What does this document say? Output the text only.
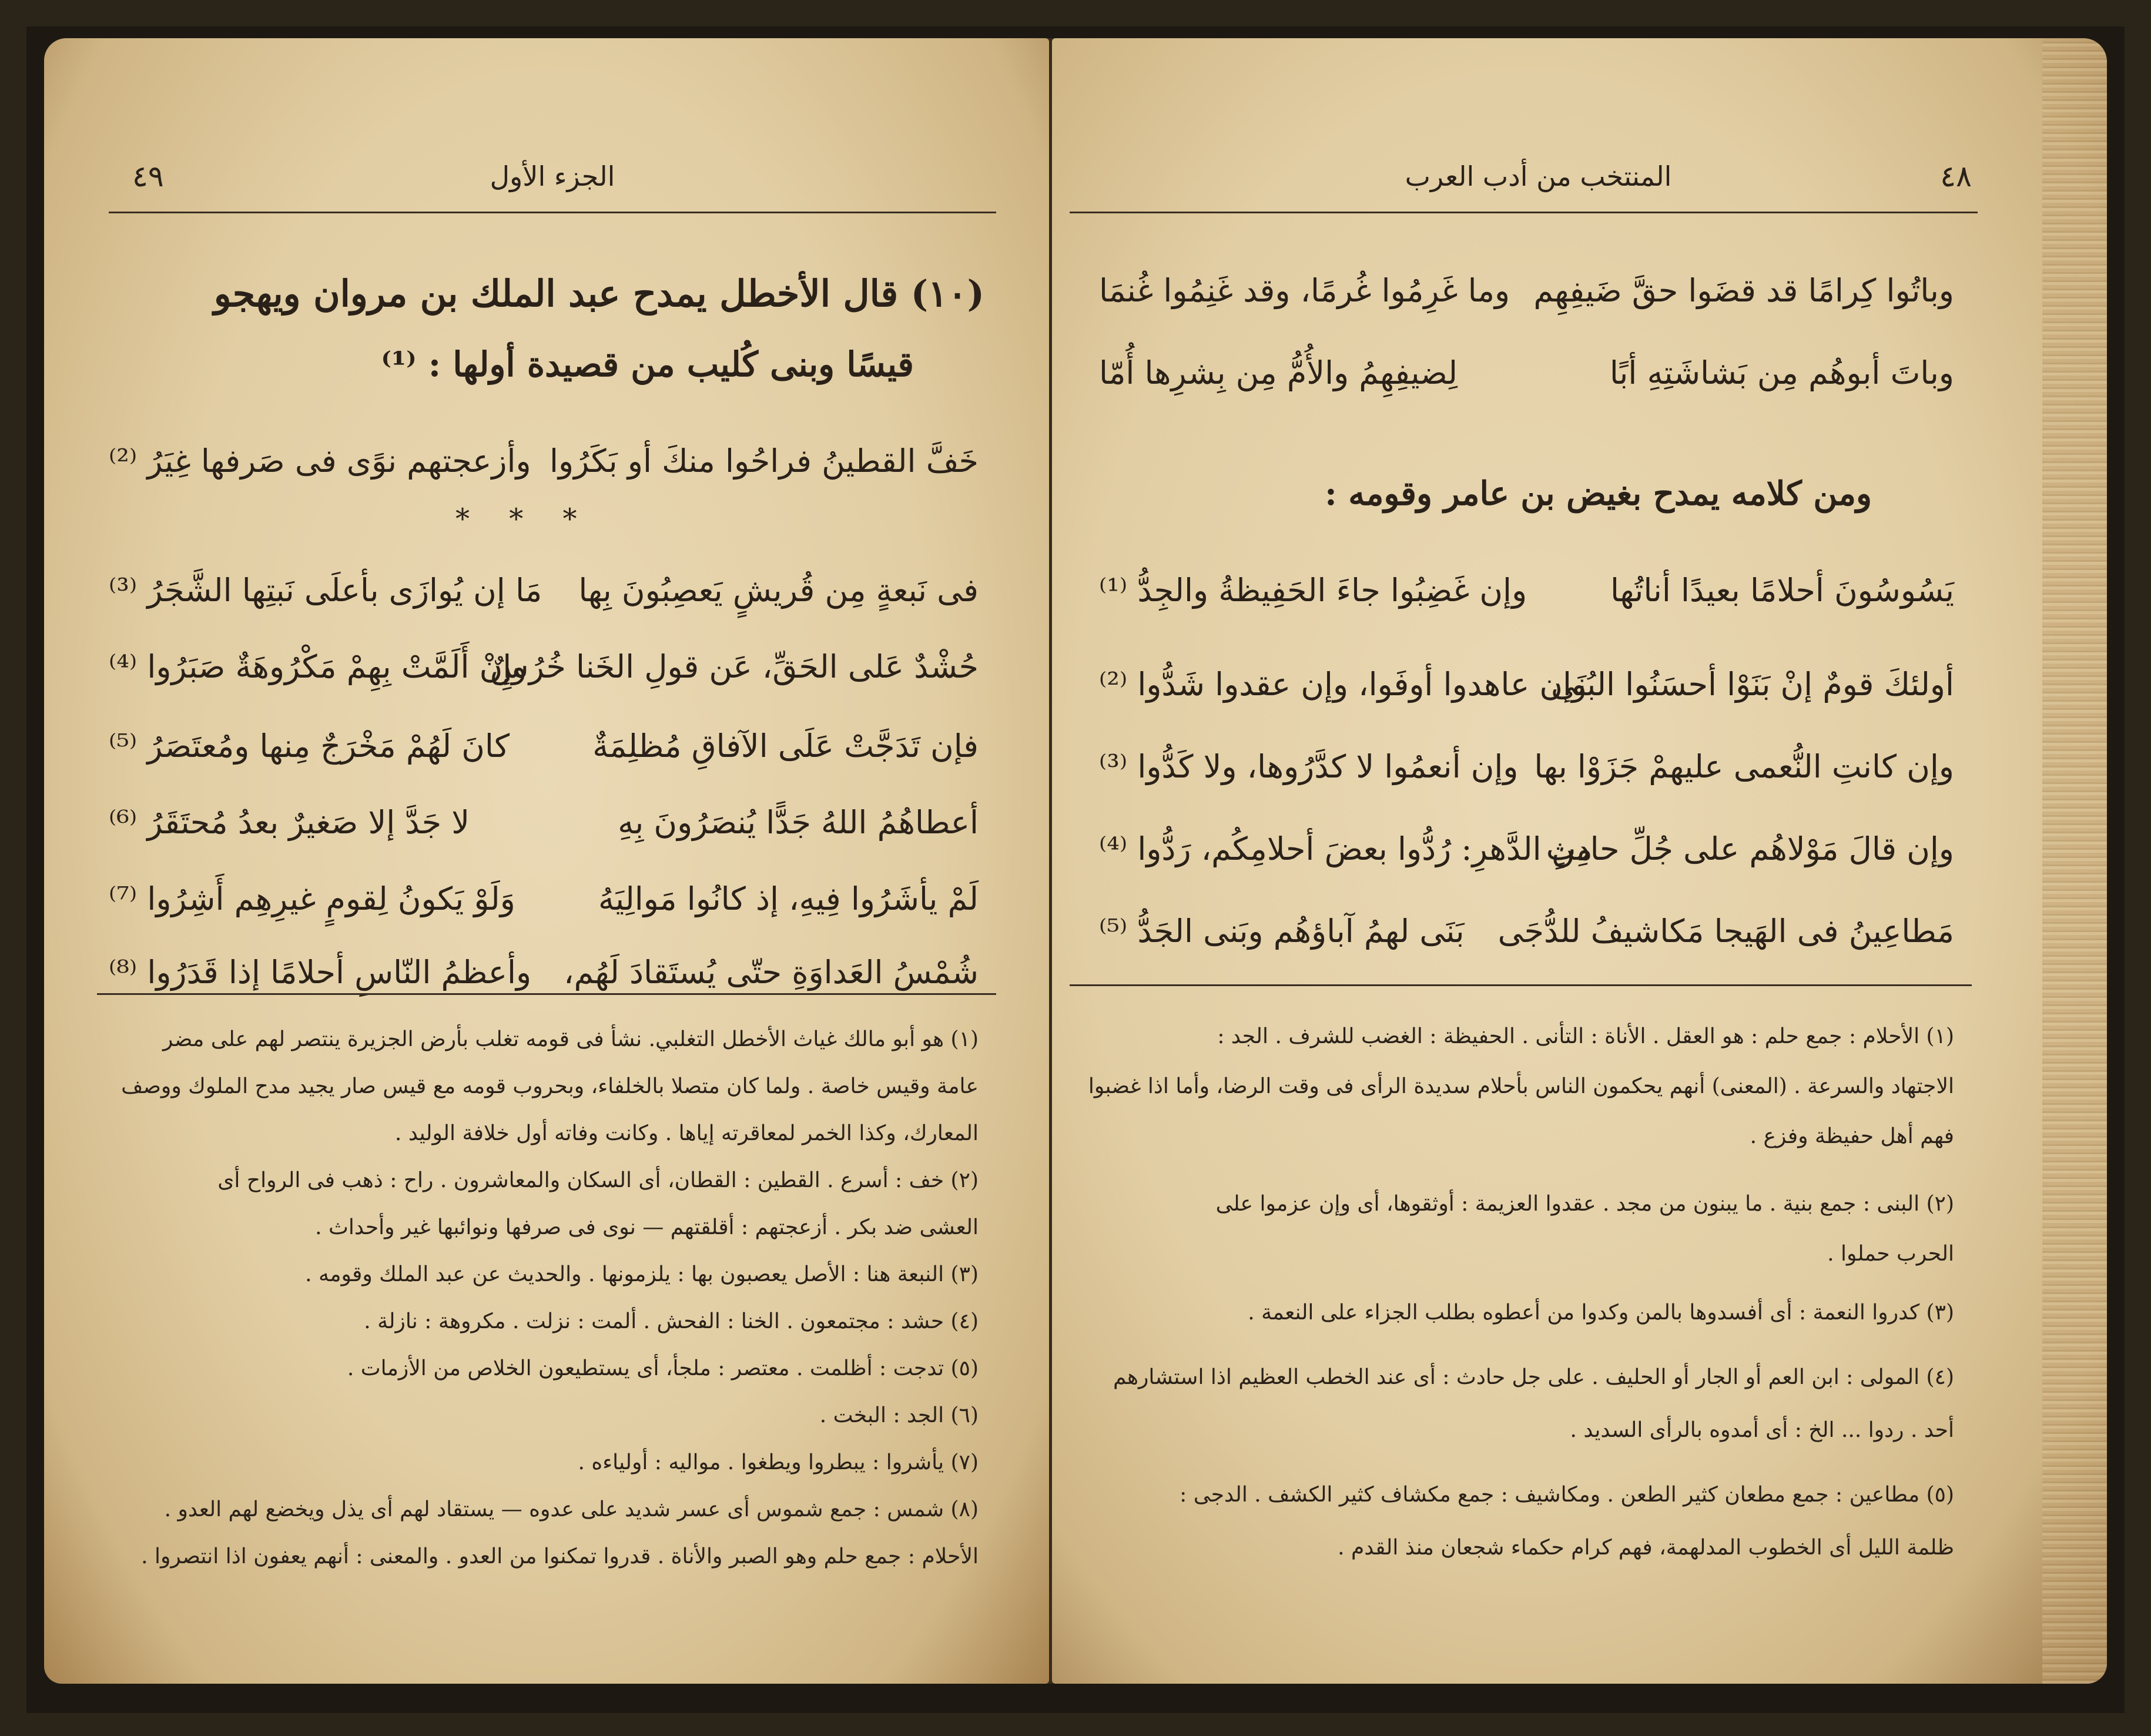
٤٩	الجزء الأول
(١٠) قال الأخطل يمدح عبد الملك بن مروان ويهجو
قيسًا وبنى كُليب من قصيدة أولها : ⁽¹⁾
خَفَّ القطينُ فراحُوا منكَ أو بَكَرُوا
وأزعجتهم نوًى فى صَرفها غِيَرُ ⁽²⁾
* * *
فى نَبعةٍ مِن قُريشٍ يَعصِبُونَ بِها
مَا إن يُوازَى بأعلَى نَبتِها الشَّجَرُ ⁽³⁾
حُشْدٌ عَلى الحَقِّ، عَن قولِ الخَنا خُرُسٌ
وإِنْ أَلَمَّتْ بِهِمْ مَكْرُوهَةٌ صَبَرُوا ⁽⁴⁾
فإن تَدَجَّتْ عَلَى الآفاقِ مُظلِمَةٌ
كانَ لَهُمْ مَخْرَجٌ مِنها ومُعتَصَرُ ⁽⁵⁾
أعطاهُمُ اللهُ جَدًّا يُنصَرُونَ بِهِ
لا جَدَّ إلا صَغيرٌ بعدُ مُحتَقَرُ ⁽⁶⁾
لَمْ يأشَرُوا فِيهِ، إذ كانُوا مَوالِيَهُ
وَلَوْ يَكونُ لِقومٍ غيرِهِم أَشِرُوا ⁽⁷⁾
شُمْسُ العَداوَةِ حتّى يُستَقادَ لَهُم،
وأعظمُ النّاسِ أحلامًا إذا قَدَرُوا ⁽⁸⁾
(١) هو أبو مالك غياث الأخطل التغلبي. نشأ فى قومه تغلب بأرض الجزيرة ينتصر لهم على مضر
عامة وقيس خاصة . ولما كان متصلا بالخلفاء، وبحروب قومه مع قيس صار يجيد مدح الملوك ووصف
المعارك، وكذا الخمر لمعاقرته إياها . وكانت وفاته أول خلافة الوليد .
(٢) خف : أسرع . القطين : القطان، أى السكان والمعاشرون . راح : ذهب فى الرواح أى
العشى ضد بكر . أزعجتهم : أقلقتهم — نوى فى صرفها ونوائبها غير وأحداث .
(٣) النبعة هنا : الأصل يعصبون بها : يلزمونها . والحديث عن عبد الملك وقومه .
(٤) حشد : مجتمعون . الخنا : الفحش . ألمت : نزلت . مكروهة : نازلة .
(٥) تدجت : أظلمت . معتصر : ملجأ، أى يستطيعون الخلاص من الأزمات .
(٦) الجد : البخت .
(٧) يأشروا : يبطروا ويطغوا . مواليه : أولياءه .
(٨) شمس : جمع شموس أى عسر شديد على عدوه — يستقاد لهم أى يذل ويخضع لهم العدو .
الأحلام : جمع حلم وهو الصبر والأناة . قدروا تمكنوا من العدو . والمعنى : أنهم يعفون اذا انتصروا .
٤٨
المنتخب من أدب العرب
وباتُوا كِرامًا قد قضَوا حقَّ ضَيفِهِم
وما غَرِمُوا غُرمًا، وقد غَنِمُوا غُنمَا
وباتَ أبوهُم مِن بَشاشَتِهِ أبًا
لِضيفِهِمُ والأُمُّ مِن بِشرِها أُمّا
ومن كلامه يمدح بغيض بن عامر وقومه :
يَسُوسُونَ أحلامًا بعيدًا أناتُها
وإن غَضِبُوا جاءَ الحَفِيظةُ والجِدُّ ⁽¹⁾
أولئكَ قومٌ إنْ بَنَوْا أحسَنُوا البُنَى
وإن عاهدوا أوفَوا، وإن عقدوا شَدُّوا ⁽²⁾
وإن كانتِ النُّعمى عليهمْ جَزَوْا بها
وإن أنعمُوا لا كدَّرُوها، ولا كَدُّوا ⁽³⁾
وإن قالَ مَوْلاهُم على جُلِّ حادِثٍ
من الدَّهرِ: رُدُّوا بعضَ أحلامِكُم، رَدُّوا ⁽⁴⁾
مَطاعِينُ فى الهَيجا مَكاشيفُ للدُّجَى
بَنَى لهمُ آباؤهُم وبَنى الجَدُّ ⁽⁵⁾
(١) الأحلام : جمع حلم : هو العقل . الأناة : التأنى . الحفيظة : الغضب للشرف . الجد :
الاجتهاد والسرعة . (المعنى) أنهم يحكمون الناس بأحلام سديدة الرأى فى وقت الرضا، وأما اذا غضبوا
فهم أهل حفيظة وفزع .
(٢) البنى : جمع بنية . ما يبنون من مجد . عقدوا العزيمة : أوثقوها، أى وإن عزموا على
الحرب حملوا .
(٣) كدروا النعمة : أى أفسدوها بالمن وكدوا من أعطوه بطلب الجزاء على النعمة .
(٤) المولى : ابن العم أو الجار أو الحليف . على جل حادث : أى عند الخطب العظيم اذا استشارهم
أحد . ردوا ... الخ : أى أمدوه بالرأى السديد .
(٥) مطاعين : جمع مطعان كثير الطعن . ومكاشيف : جمع مكشاف كثير الكشف . الدجى :
ظلمة الليل أى الخطوب المدلهمة، فهم كرام حكماء شجعان منذ القدم .
